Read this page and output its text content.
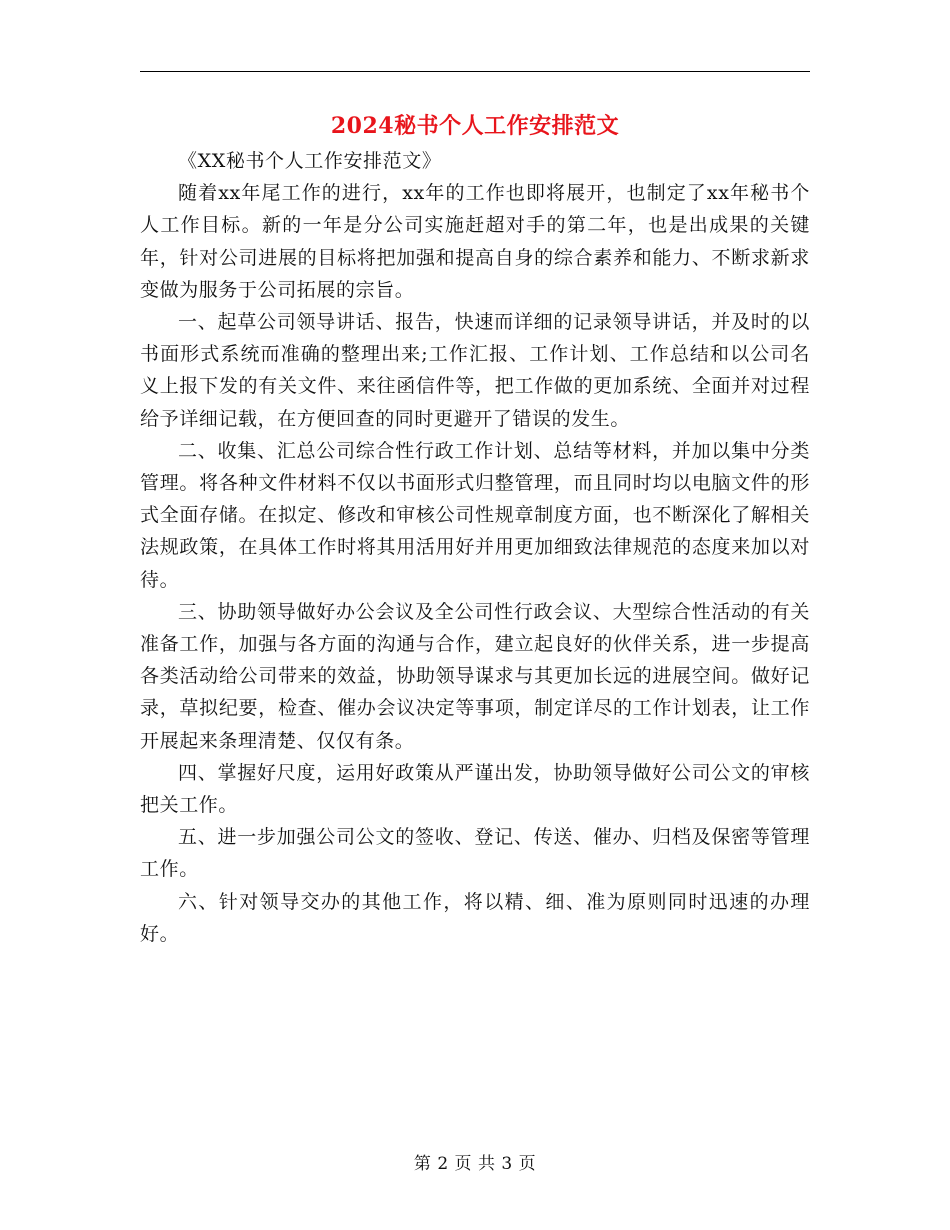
2024秘书个人工作安排范文

《XX秘书个人工作安排范文》

随着xx年尾工作的进行，xx年的工作也即将展开，也制定了xx年秘书个人工作目标。新的一年是分公司实施赶超对手的第二年，也是出成果的关键年，针对公司进展的目标将把加强和提高自身的综合素养和能力、不断求新求变做为服务于公司拓展的宗旨。

一、起草公司领导讲话、报告，快速而详细的记录领导讲话，并及时的以书面形式系统而准确的整理出来;工作汇报、工作计划、工作总结和以公司名义上报下发的有关文件、来往函信件等，把工作做的更加系统、全面并对过程给予详细记载，在方便回查的同时更避开了错误的发生。

二、收集、汇总公司综合性行政工作计划、总结等材料，并加以集中分类管理。将各种文件材料不仅以书面形式归整管理，而且同时均以电脑文件的形式全面存储。在拟定、修改和审核公司性规章制度方面，也不断深化了解相关法规政策，在具体工作时将其用活用好并用更加细致法律规范的态度来加以对待。

三、协助领导做好办公会议及全公司性行政会议、大型综合性活动的有关准备工作，加强与各方面的沟通与合作，建立起良好的伙伴关系，进一步提高各类活动给公司带来的效益，协助领导谋求与其更加长远的进展空间。做好记录，草拟纪要，检查、催办会议决定等事项，制定详尽的工作计划表，让工作开展起来条理清楚、仅仅有条。

四、掌握好尺度，运用好政策从严谨出发，协助领导做好公司公文的审核把关工作。

五、进一步加强公司公文的签收、登记、传送、催办、归档及保密等管理工作。

六、针对领导交办的其他工作，将以精、细、准为原则同时迅速的办理好。

第 2 页 共 3 页
